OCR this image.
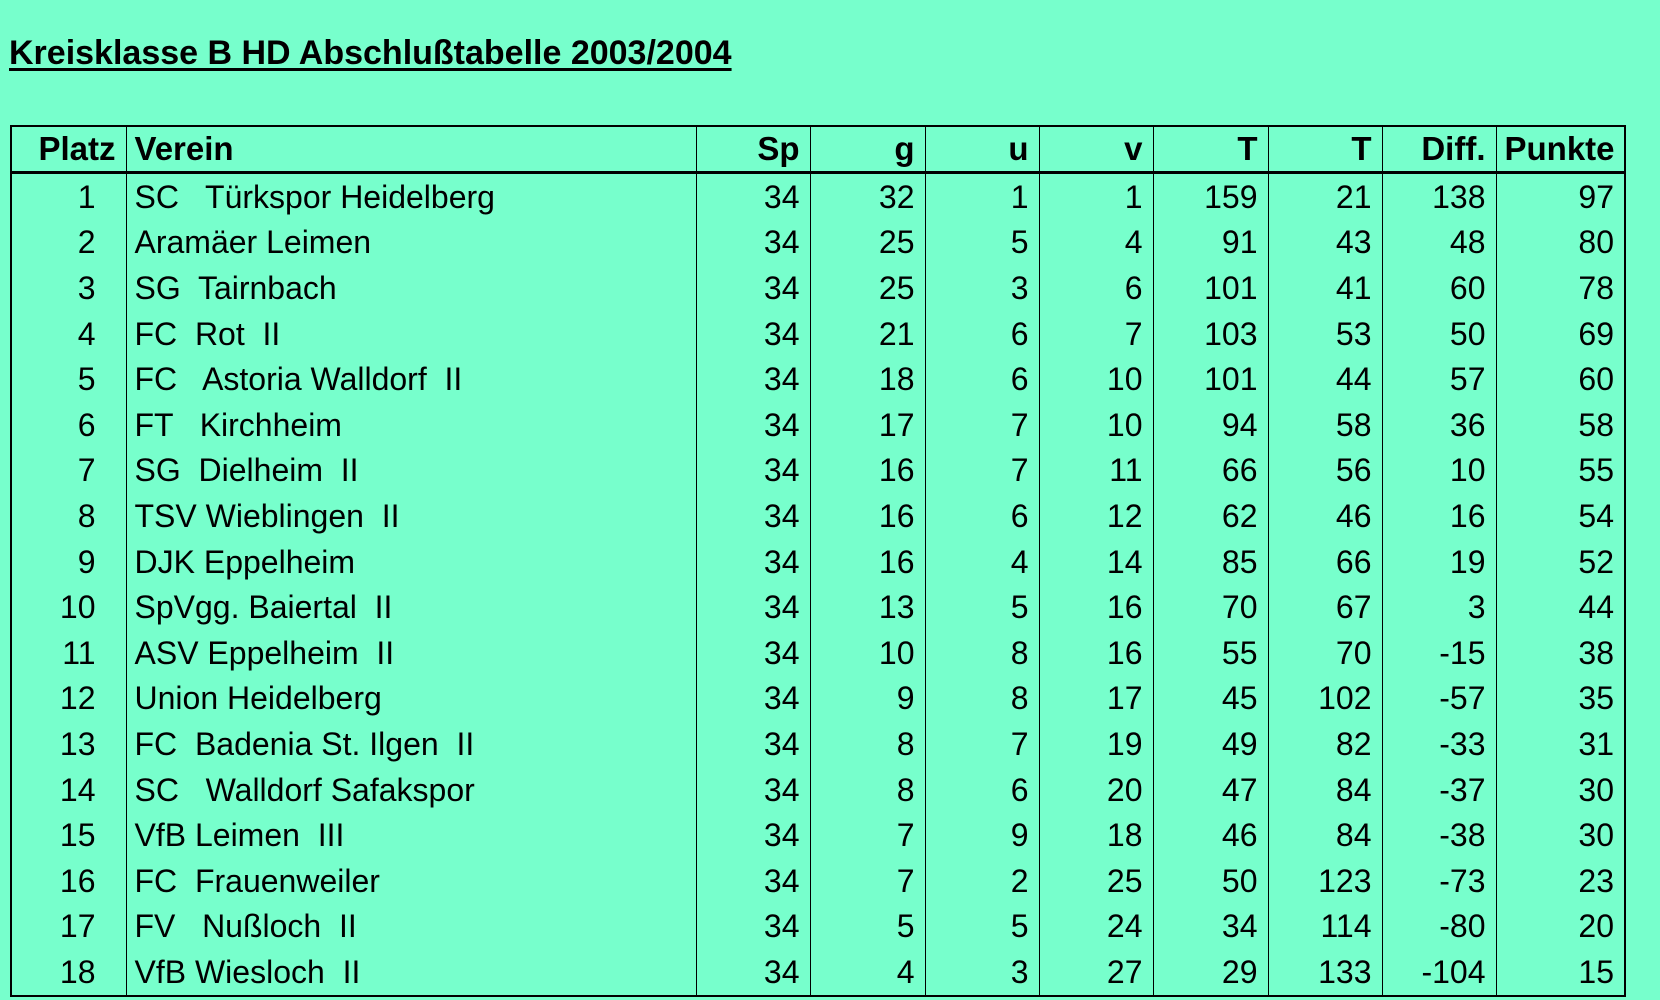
Kreisklasse B HD Abschlußtabelle 2003/2004
Platz	Verein	Sp	g	u	v	T	T	Diff.	Punkte
1	SC   Türkspor Heidelberg	34	32	1	1	159	21	138	97
2	Aramäer Leimen	34	25	5	4	91	43	48	80
3	SG  Tairnbach	34	25	3	6	101	41	60	78
4	FC  Rot  II	34	21	6	7	103	53	50	69
5	FC   Astoria Walldorf  II	34	18	6	10	101	44	57	60
6	FT   Kirchheim	34	17	7	10	94	58	36	58
7	SG  Dielheim  II	34	16	7	11	66	56	10	55
8	TSV Wieblingen  II	34	16	6	12	62	46	16	54
9	DJK Eppelheim	34	16	4	14	85	66	19	52
10	SpVgg. Baiertal  II	34	13	5	16	70	67	3	44
11	ASV Eppelheim  II	34	10	8	16	55	70	-15	38
12	Union Heidelberg	34	9	8	17	45	102	-57	35
13	FC  Badenia St. Ilgen  II	34	8	7	19	49	82	-33	31
14	SC   Walldorf Safakspor	34	8	6	20	47	84	-37	30
15	VfB Leimen  III	34	7	9	18	46	84	-38	30
16	FC  Frauenweiler	34	7	2	25	50	123	-73	23
17	FV   Nußloch  II	34	5	5	24	34	114	-80	20
18	VfB Wiesloch  II	34	4	3	27	29	133	-104	15
